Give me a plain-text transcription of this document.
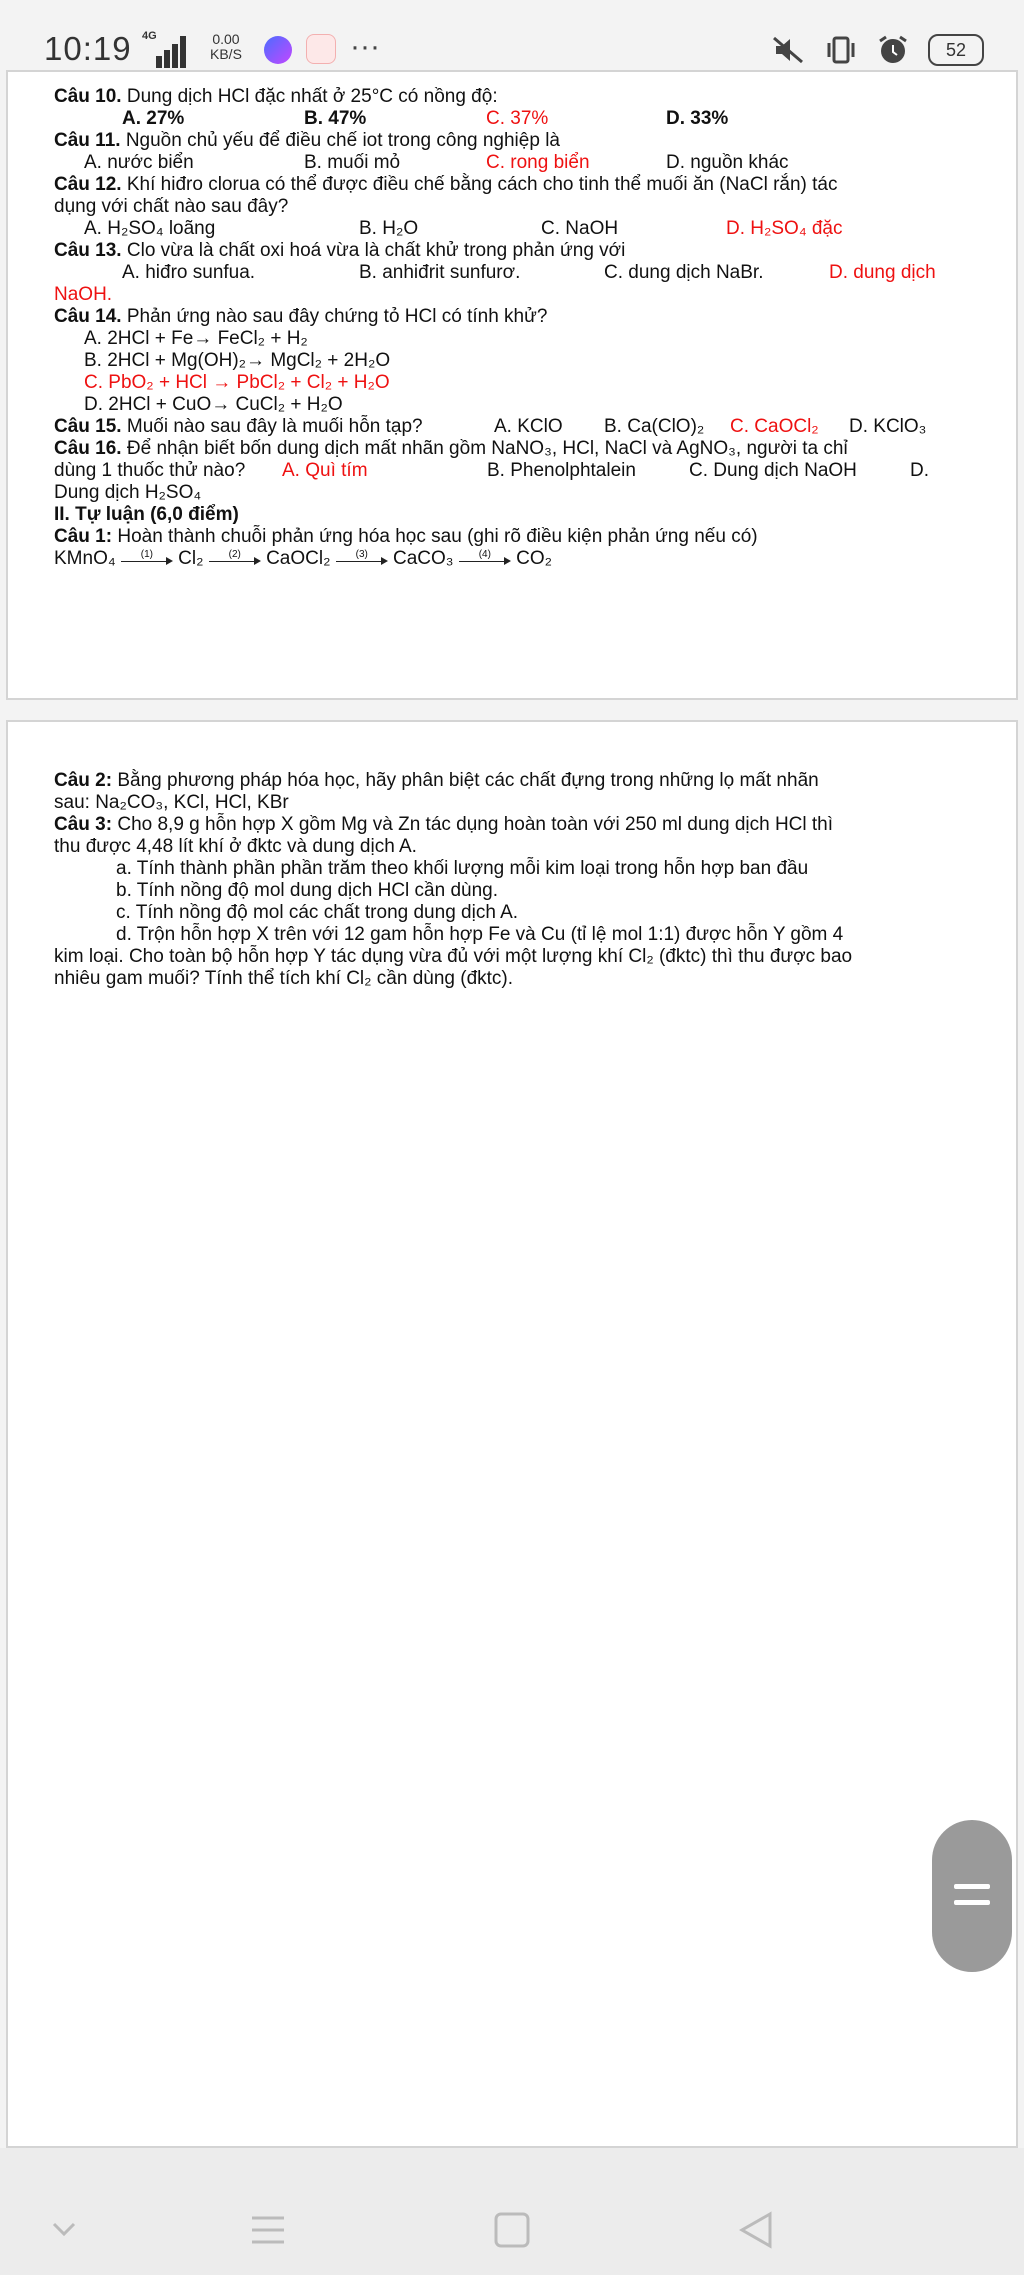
10:19 4G	0.00
KB/S	···	52
Câu 10. Dung dịch HCl đặc nhất ở 25°C có nồng độ:
A. 27%	B. 47%	C. 37%	D. 33%
Câu 11. Nguồn chủ yếu để điều chế iot trong công nghiệp là
A. nước biển	B. muối mỏ	C. rong biển	D. nguồn khác
Câu 12. Khí hiđro clorua có thể được điều chế bằng cách cho tinh thể muối ăn (NaCl rắn) tác
dụng với chất nào sau đây?
A. H₂SO₄ loãng	B. H₂O	C. NaOH	D. H₂SO₄ đặc
Câu 13. Clo vừa là chất oxi hoá vừa là chất khử trong phản ứng với
A. hiđro sunfua.	B. anhiđrit sunfurơ.	C. dung dịch NaBr.	D. dung dịch
NaOH.
Câu 14. Phản ứng nào sau đây chứng tỏ HCl có tính khử?
A. 2HCl + Fe→ FeCl₂ + H₂
B. 2HCl + Mg(OH)₂→ MgCl₂ + 2H₂O
C. PbO₂ + HCl → PbCl₂ + Cl₂ + H₂O
D. 2HCl + CuO→ CuCl₂ + H₂O
Câu 15. Muối nào sau đây là muối hỗn tạp?	A. KClO B. Ca(ClO)₂ C. CaOCl₂ D. KClO₃
Câu 16. Để nhận biết bốn dung dịch mất nhãn gồm NaNO₃, HCl, NaCl và AgNO₃, người ta chỉ
dùng 1 thuốc thử nào? A. Quì tím	B. Phenolphtalein	C. Dung dịch NaOH	D.
Dung dịch H₂SO₄
II. Tự luận (6,0 điểm)
Câu 1: Hoàn thành chuỗi phản ứng hóa học sau (ghi rõ điều kiện phản ứng nếu có)
KMnO₄	(1)	Cl₂	(2)	CaOCl₂	(3)	CaCO₃	(4)	CO₂
Câu 2: Bằng phương pháp hóa học, hãy phân biệt các chất đựng trong những lọ mất nhãn
sau: Na₂CO₃, KCl, HCl, KBr
Câu 3: Cho 8,9 g hỗn hợp X gồm Mg và Zn tác dụng hoàn toàn với 250 ml dung dịch HCl thì
thu được 4,48 lít khí ở đktc và dung dịch A.
a. Tính thành phần phần trăm theo khối lượng mỗi kim loại trong hỗn hợp ban đầu
b. Tính nồng độ mol dung dịch HCl cần dùng.
c. Tính nồng độ mol các chất trong dung dịch A.
d. Trộn hỗn hợp X trên với 12 gam hỗn hợp Fe và Cu (tỉ lệ mol 1:1) được hỗn Y gồm 4
kim loại. Cho toàn bộ hỗn hợp Y tác dụng vừa đủ với một lượng khí Cl₂ (đktc) thì thu được bao
nhiêu gam muối? Tính thể tích khí Cl₂ cần dùng (đktc).
